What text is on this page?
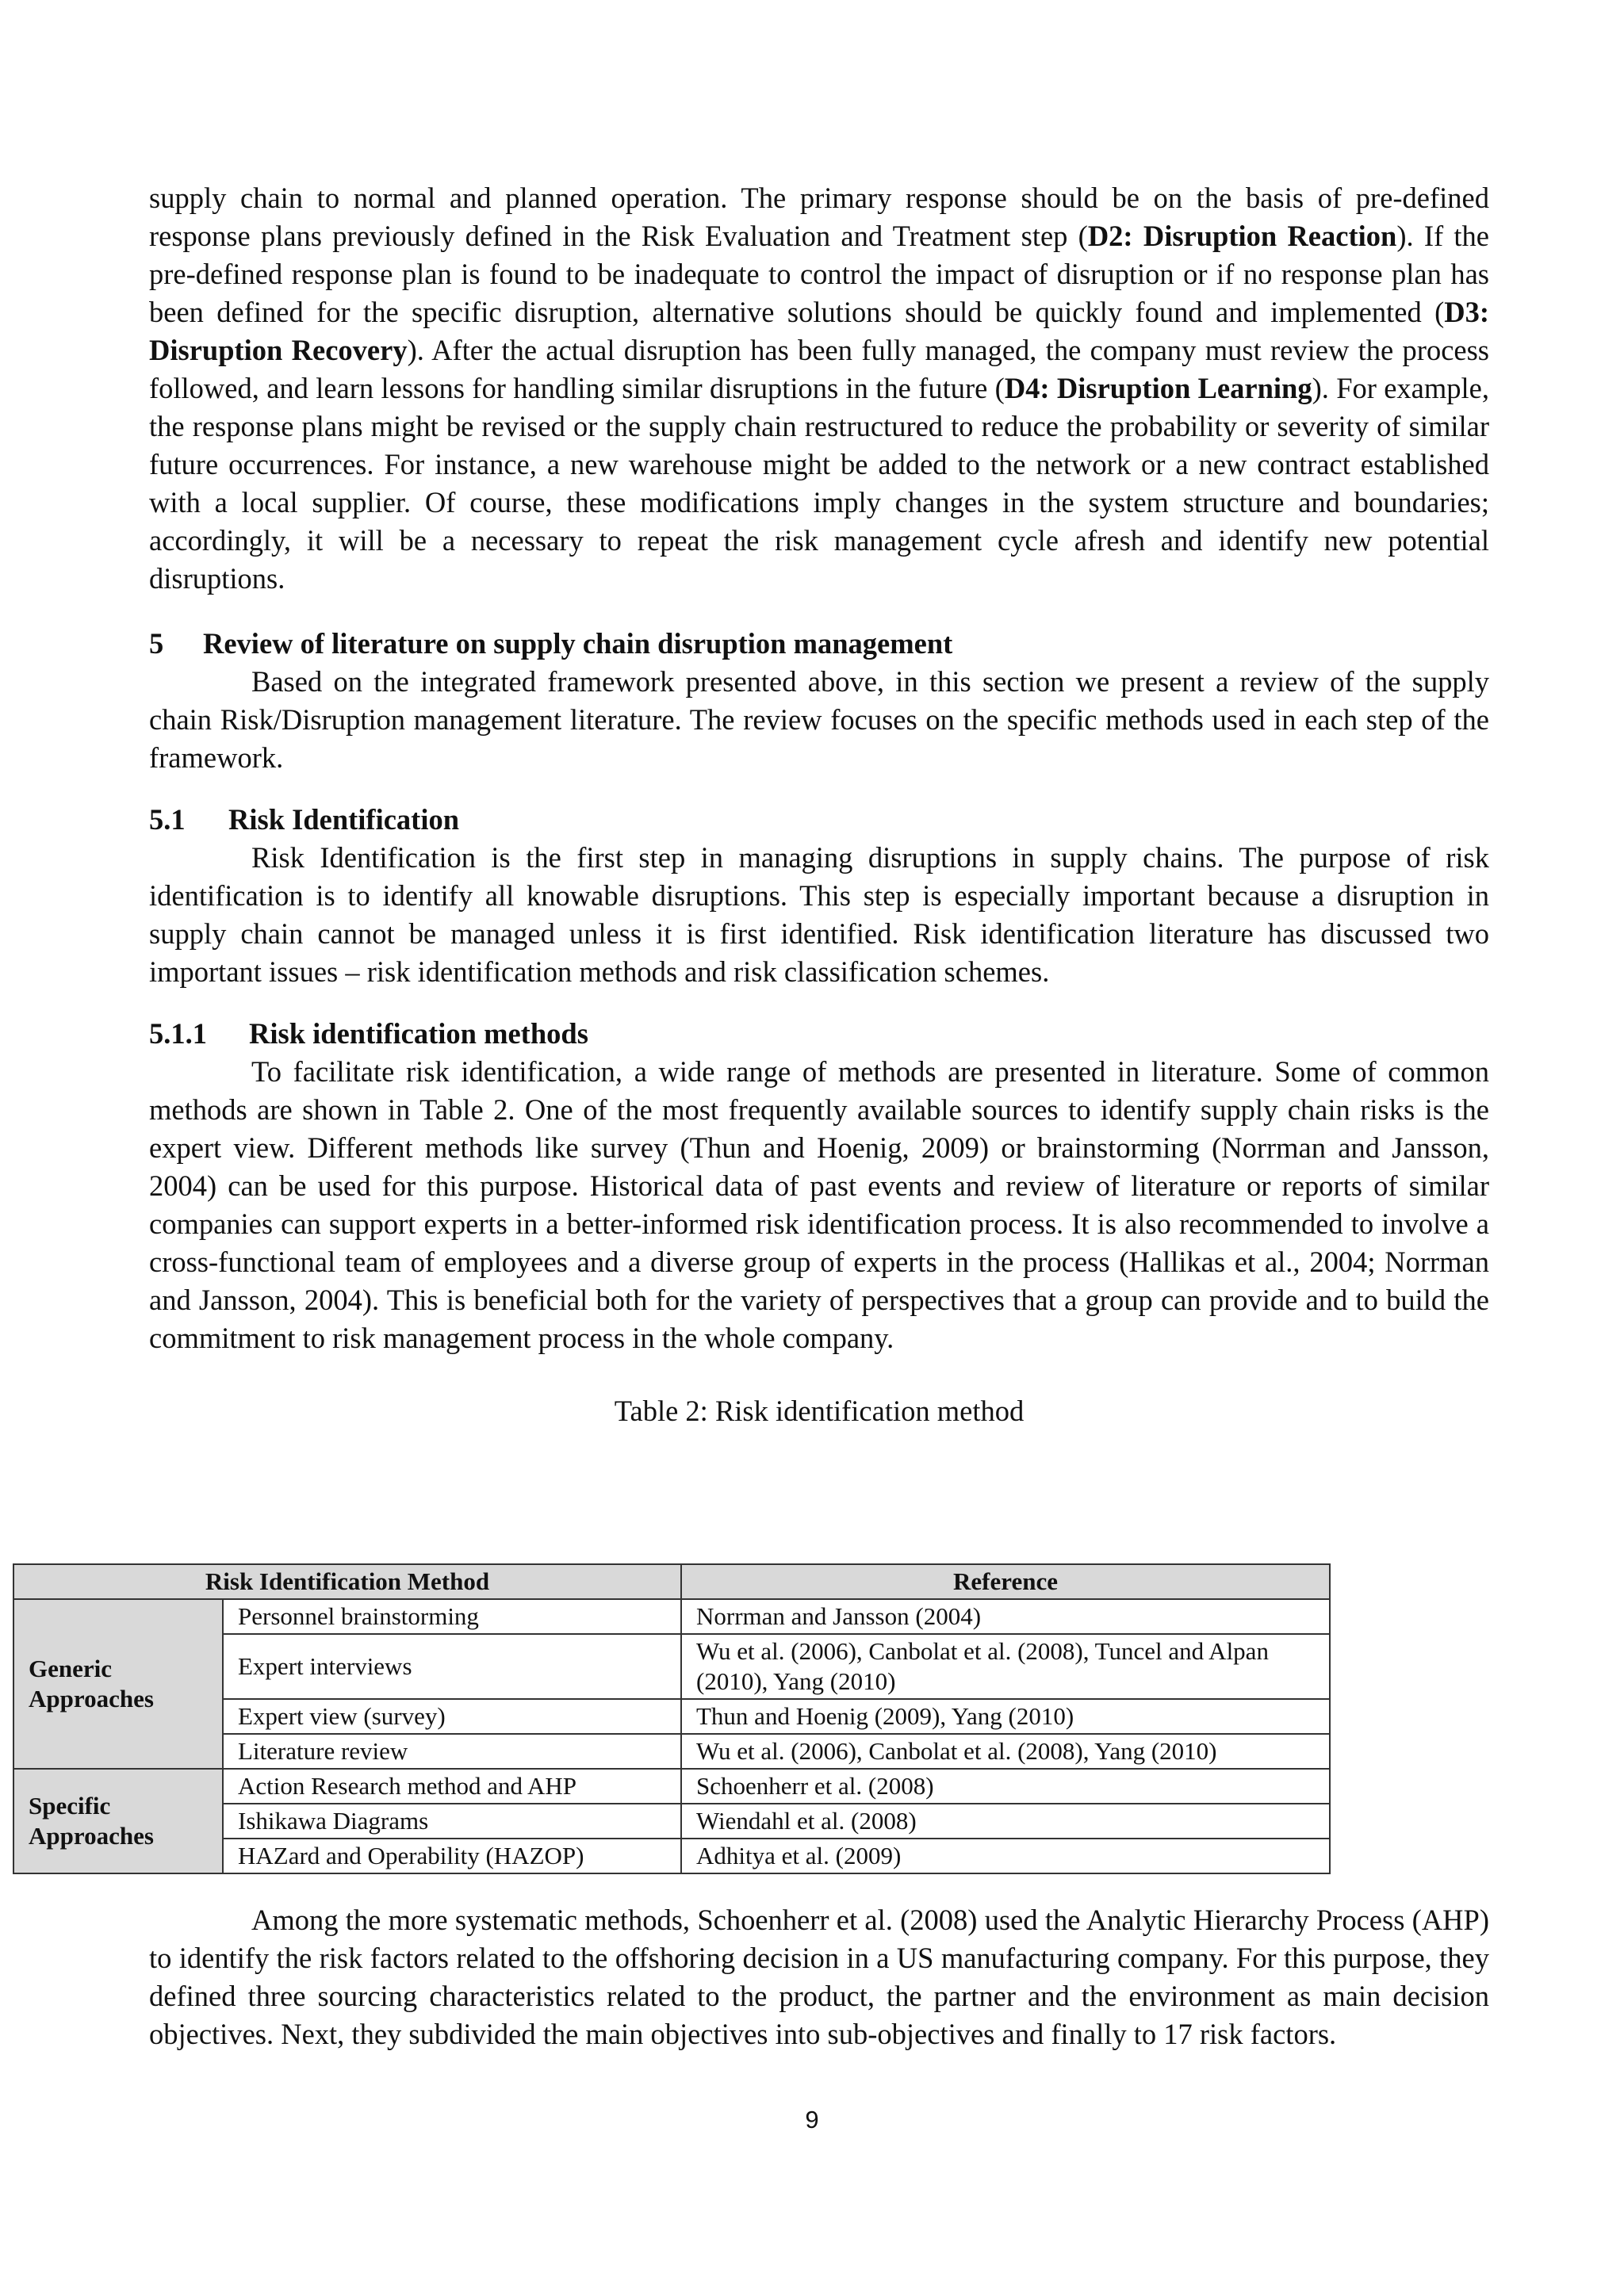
supply chain to normal and planned operation. The primary response should be on the basis of pre-defined response plans previously defined in the Risk Evaluation and Treatment step (D2: Disruption Reaction). If the pre-defined response plan is found to be inadequate to control the impact of disruption or if no response plan has been defined for the specific disruption, alternative solutions should be quickly found and implemented (D3: Disruption Recovery). After the actual disruption has been fully managed, the company must review the process followed, and learn lessons for handling similar disruptions in the future (D4: Disruption Learning). For example, the response plans might be revised or the supply chain restructured to reduce the probability or severity of similar future occurrences. For instance, a new warehouse might be added to the network or a new contract established with a local supplier. Of course, these modifications imply changes in the system structure and boundaries; accordingly, it will be a necessary to repeat the risk management cycle afresh and identify new potential disruptions.

5 Review of literature on supply chain disruption management

Based on the integrated framework presented above, in this section we present a review of the supply chain Risk/Disruption management literature. The review focuses on the specific methods used in each step of the framework.

5.1 Risk Identification

Risk Identification is the first step in managing disruptions in supply chains. The purpose of risk identification is to identify all knowable disruptions. This step is especially important because a disruption in supply chain cannot be managed unless it is first identified. Risk identification literature has discussed two important issues – risk identification methods and risk classification schemes.

5.1.1 Risk identification methods

To facilitate risk identification, a wide range of methods are presented in literature. Some of common methods are shown in Table 2. One of the most frequently available sources to identify supply chain risks is the expert view. Different methods like survey (Thun and Hoenig, 2009) or brainstorming (Norrman and Jansson, 2004) can be used for this purpose. Historical data of past events and review of literature or reports of similar companies can support experts in a better-informed risk identification process. It is also recommended to involve a cross-functional team of employees and a diverse group of experts in the process (Hallikas et al., 2004; Norrman and Jansson, 2004). This is beneficial both for the variety of perspectives that a group can provide and to build the commitment to risk management process in the whole company.

Table 2: Risk identification method
Risk Identification Method		Reference
Generic Approaches	Personnel brainstorming	Norrman and Jansson (2004)
	Expert interviews	Wu et al. (2006), Canbolat et al. (2008), Tuncel and Alpan (2010), Yang (2010)
	Expert view (survey)	Thun and Hoenig (2009), Yang (2010)
	Literature review	Wu et al. (2006), Canbolat et al. (2008), Yang (2010)
Specific Approaches	Action Research method and AHP	Schoenherr et al. (2008)
	Ishikawa Diagrams	Wiendahl et al. (2008)
	HAZard and Operability (HAZOP)	Adhitya et al. (2009)

Among the more systematic methods, Schoenherr et al. (2008) used the Analytic Hierarchy Process (AHP) to identify the risk factors related to the offshoring decision in a US manufacturing company. For this purpose, they defined three sourcing characteristics related to the product, the partner and the environment as main decision objectives. Next, they subdivided the main objectives into sub-objectives and finally to 17 risk factors.

9
